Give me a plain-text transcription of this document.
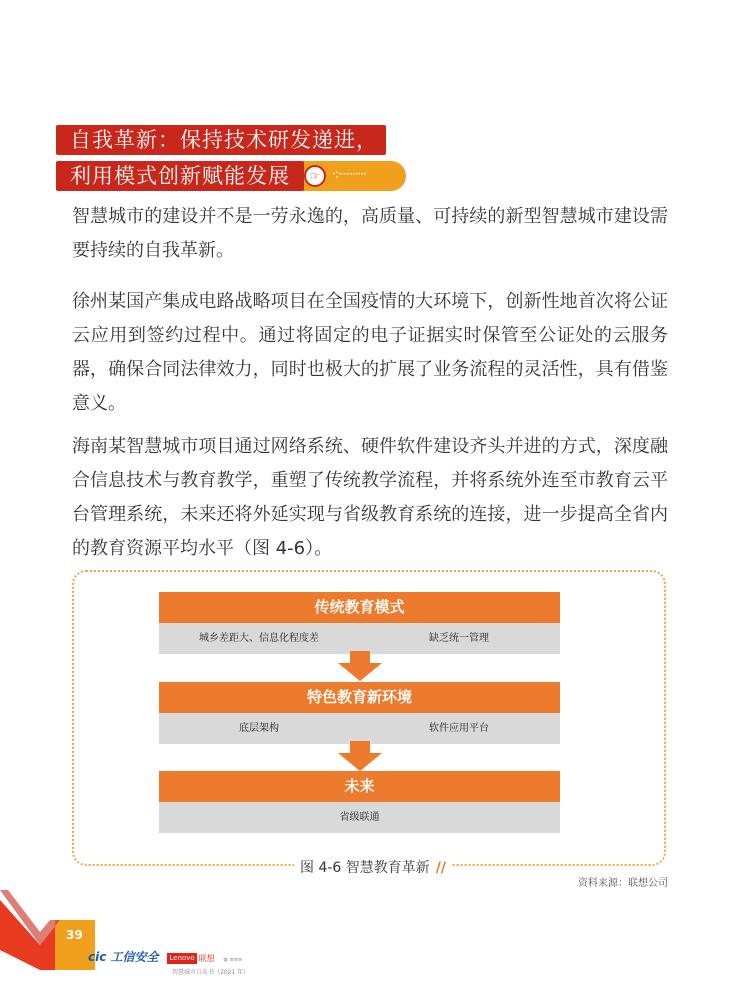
自我革新：保持技术研发递进，
☞ ·:··········
利用模式创新赋能发展

智慧城市的建设并不是一劳永逸的，高质量、可持续的新型智慧城市建设需要持续的自我革新。

徐州某国产集成电路战略项目在全国疫情的大环境下，创新性地首次将公证云应用到签约过程中。通过将固定的电子证据实时保管至公证处的云服务器，确保合同法律效力，同时也极大的扩展了业务流程的灵活性，具有借鉴意义。

海南某智慧城市项目通过网络系统、硬件软件建设齐头并进的方式，深度融合信息技术与教育教学，重塑了传统教学流程，并将系统外连至市教育云平台管理系统，未来还将外延实现与省级教育系统的连接，进一步提高全省内的教育资源平均水平（图 4-6）。

传统教育模式
城乡差距大、信息化程度差	缺乏统一管理
特色教育新环境
底层架构	软件应用平台
未来
省级联通
图 4-6 智慧教育革新 //
资料来源：联想公司
39
cic 工信安全 Lenovo 联想 ◍ ≡≡≡
智慧城市白皮书（2021 年）
